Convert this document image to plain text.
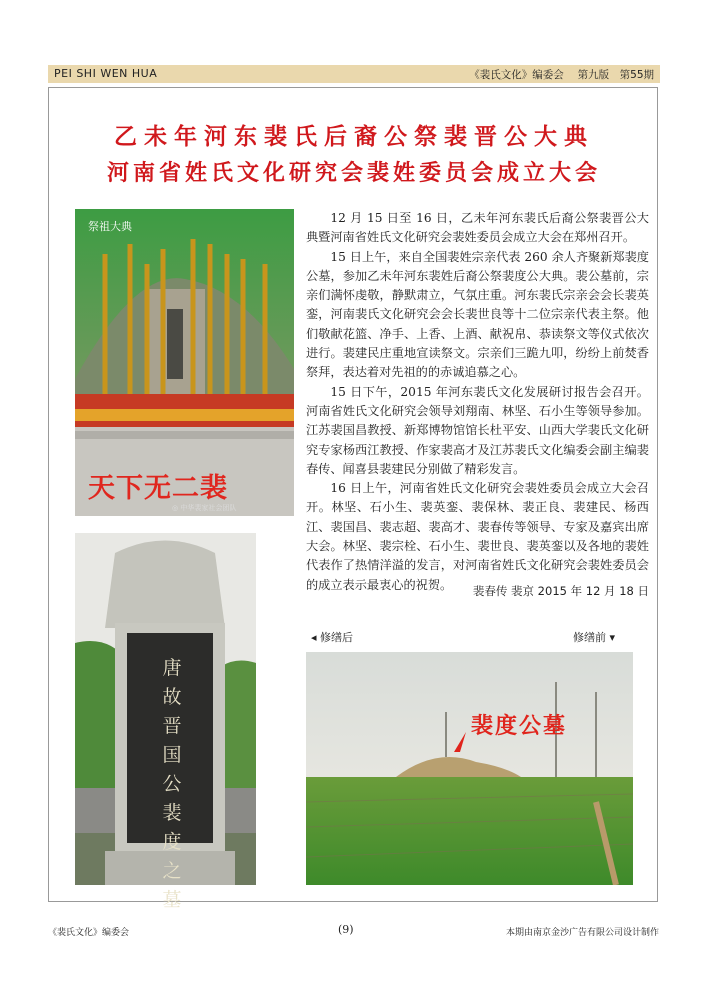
PEI SHI WEN HUA	《裴氏文化》编委会　 第九版　第55期
乙未年河东裴氏后裔公祭裴晋公大典
河南省姓氏文化研究会裴姓委员会成立大会
祭祖大典
天下无二裴
◎ 中华裴家社会团队
唐故晋国公裴度之墓

12 月 15 日至 16 日，乙未年河东裴氏后裔公祭裴晋公大典暨河南省姓氏文化研究会裴姓委员会成立大会在郑州召开。

15 日上午，来自全国裴姓宗亲代表 260 余人齐聚新郑裴度公墓，参加乙未年河东裴姓后裔公祭裴度公大典。裴公墓前，宗亲们满怀虔敬，静默肃立，气氛庄重。河东裴氏宗亲会会长裴英銮，河南裴氏文化研究会会长裴世良等十二位宗亲代表主祭。他们敬献花篮、净手、上香、上酒、献祝帛、恭读祭文等仪式依次进行。裴建民庄重地宣读祭文。宗亲们三跪九叩，纷纷上前焚香祭拜，表达着对先祖的的赤诚追慕之心。

15 日下午，2015 年河东裴氏文化发展研讨报告会召开。河南省姓氏文化研究会领导刘翔南、林坚、石小生等领导参加。江苏裴国昌教授、新郑博物馆馆长杜平安、山西大学裴氏文化研究专家杨西江教授、作家裴高才及江苏裴氏文化编委会副主编裴春传、闻喜县裴建民分别做了精彩发言。

16 日上午，河南省姓氏文化研究会裴姓委员会成立大会召开。林坚、石小生、裴英銮、裴保林、裴正良、裴建民、杨西江、裴国昌、裴志超、裴高才、裴春传等领导、专家及嘉宾出席大会。林坚、裴宗栓、石小生、裴世良、裴英銮以及各地的裴姓代表作了热情洋溢的发言，对河南省姓氏文化研究会裴姓委员会的成立表示最衷心的祝贺。	裴春传 裴京 2015 年 12 月 18 日
◂ 修缮后	修缮前 ▾
裴度公墓
《裴氏文化》编委会	(9)	本期由南京金沙广告有限公司设计制作
